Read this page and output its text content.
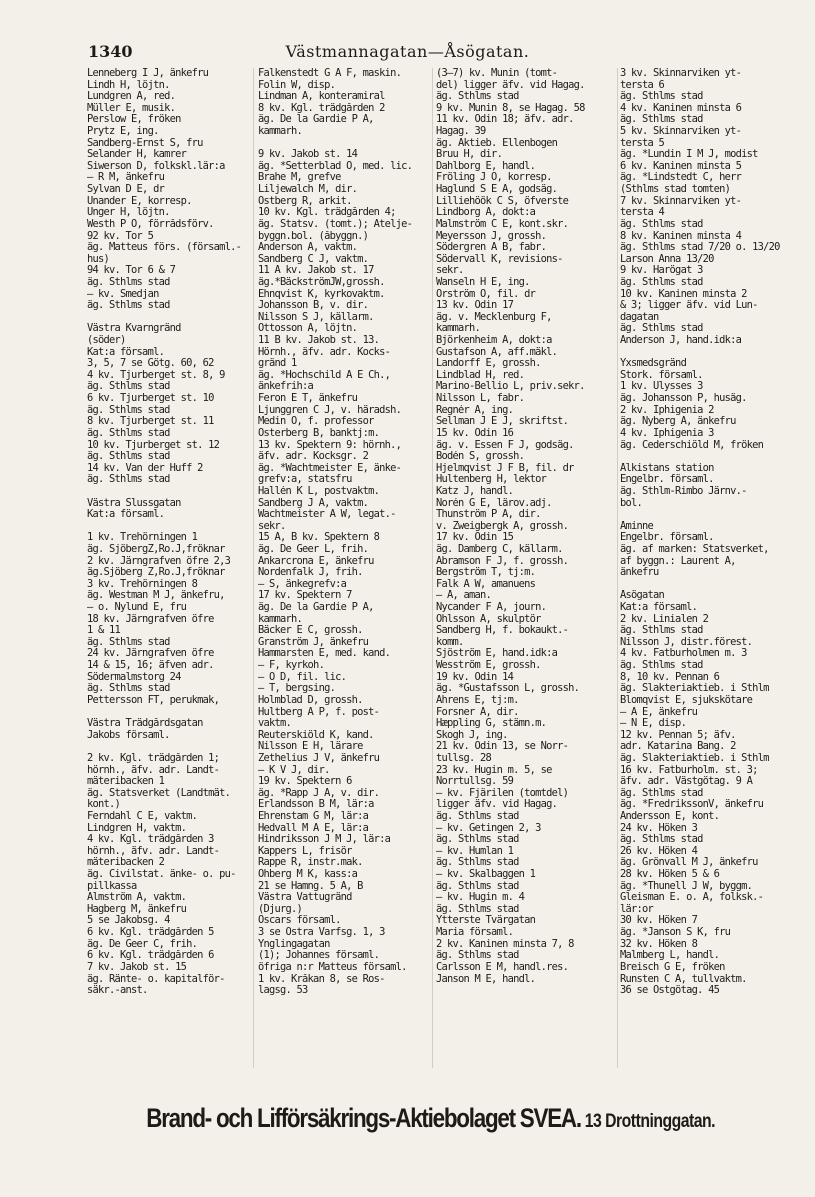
1340	Västmannagatan—Åsögatan.
Lenneberg I J, änkefru
Lindh H, löjtn.
Lundgren A, red.
Müller E, musik.
Perslow E, fröken
Prytz E, ing.
Sandberg-Ernst S, fru
Selander H, kamrer
Siwerson D, folkskl.lär:a
— R M, änkefru
Sylvan D E, dr
Unander E, korresp.
Unger H, löjtn.
Westh P O, förrådsförv.
92 kv. Tor 5
äg. Matteus förs. (församl.-
hus)
94 kv. Tor 6 & 7
äg. Sthlms stad
— kv. Smedjan
äg. Sthlms stad

Västra Kvarngränd
(söder)
Kat:a församl.
3, 5, 7 se Götg. 60, 62
4 kv. Tjurberget st. 8, 9
äg. Sthlms stad
6 kv. Tjurberget st. 10
äg. Sthlms stad
8 kv. Tjurberget st. 11
äg. Sthlms stad
10 kv. Tjurberget st. 12
äg. Sthlms stad
14 kv. Van der Huff 2
äg. Sthlms stad

Västra Slussgatan
Kat:a församl.

1 kv. Trehörningen 1
äg. SjöbergZ,Ro.J,fröknar
2 kv. Järngrafven öfre 2,3
äg.Sjöberg Z,Ro.J,fröknar
3 kv. Trehörningen 8
äg. Westman M J, änkefru,
— o. Nylund E, fru
18 kv. Järngrafven öfre
1 & 11
äg. Sthlms stad
24 kv. Järngrafven öfre
14 & 15, 16; äfven adr.
Södermalmstorg 24
äg. Sthlms stad
Pettersson FT, perukmak,

Västra Trädgårdsgatan
Jakobs församl.

2 kv. Kgl. trädgården 1;
hörnh., äfv. adr. Landt-
mäteribacken 1
äg. Statsverket (Landtmät.
kont.)
Ferndahl C E, vaktm.
Lindgren H, vaktm.
4 kv. Kgl. trädgården 3
hörnh., äfv. adr. Landt-
mäteribacken 2
äg. Civilstat. änke- o. pu-
pillkassa
Almström A, vaktm.
Hagberg M, änkefru
5 se Jakobsg. 4
6 kv. Kgl. trädgården 5
äg. De Geer C, frih.
6 kv. Kgl. trädgården 6
7 kv. Jakob st. 15
äg. Ränte- o. kapitalför-
säkr.-anst.
Falkenstedt G A F, maskin.
Folin W, disp.
Lindman A, konteramiral
8 kv. Kgl. trädgården 2
äg. De la Gardie P A,
kammarh.

9 kv. Jakob st. 14
äg. *Setterblad O, med. lic.
Brahe M, grefve
Liljewalch M, dir.
Östberg R, arkit.
10 kv. Kgl. trädgården 4;
äg. Statsv. (tomt.); Atelje-
byggn.bol. (åbyggn.)
Anderson A, vaktm.
Sandberg C J, vaktm.
11 A kv. Jakob st. 17
äg.*BäckströmJW,grossh.
Ehnqvist K, kyrkovaktm.
Johansson B, v. dir.
Nilsson S J, källarm.
Ottosson A, löjtn.
11 B kv. Jakob st. 13.
Hörnh., äfv. adr. Kocks-
gränd 1
äg. *Hochschild A E Ch.,
änkefrih:a
Feron E T, änkefru
Ljunggren C J, v. häradsh.
Medin O, f. professor
Österberg B, banktj:m.
13 kv. Spektern 9: hörnh.,
äfv. adr. Kocksgr. 2
äg. *Wachtmeister E, änke-
grefv:a, statsfru
Hallén K L, postvaktm.
Sandberg J A, vaktm.
Wachtmeister A W, legat.-
sekr.
15 A, B kv. Spektern 8
äg. De Geer L, frih.
Ankarcrona E, änkefru
Nordenfalk J, frih.
— S, änkegrefv:a
17 kv. Spektern 7
äg. De la Gardie P A,
kammarh.
Bäcker E C, grossh.
Granström J, änkefru
Hammarsten E, med. kand.
— F, kyrkoh.
— O D, fil. lic.
— T, bergsing.
Holmblad D, grossh.
Hultberg A P, f. post-
vaktm.
Reuterskiöld K, kand.
Nilsson E H, lärare
Zethelius J V, änkefru
— K V J, dir.
19 kv. Spektern 6
äg. *Rapp J A, v. dir.
Erlandsson B M, lär:a
Ehrenstam G M, lär:a
Hedvall M A E, lär:a
Hindriksson J M J, lär:a
Kappers L, frisör
Rappe R, instr.mak.
Öhberg M K, kass:a
21 se Hamng. 5 A, B
Västra Vattugränd
(Djurg.)
Oscars församl.
3 se Östra Varfsg. 1, 3
Ynglingagatan
(1); Johannes församl.
öfriga n:r Matteus församl.
1 kv. Kråkan 8, se Ros-
lagsg. 53
(3—7) kv. Munin (tomt-
del) ligger äfv. vid Hagag.
äg. Sthlms stad
9 kv. Munin 8, se Hagag. 58
11 kv. Odin 18; äfv. adr.
Hagag. 39
äg. Aktieb. Ellenbogen
Bruu H, dir.
Dahlborg E, handl.
Fröling J O, korresp.
Haglund S E A, godsäg.
Lilliehöök C S, öfverste
Lindborg A, dokt:a
Malmström C E, kont.skr.
Meyersson J, grossh.
Södergren A B, fabr.
Södervall K, revisions-
sekr.
Wanseln H E, ing.
Örström O, fil. dr
13 kv. Odin 17
äg. v. Mecklenburg F,
kammarh.
Björkenheim A, dokt:a
Gustafson A, aff.mäkl.
Landorff E, grossh.
Lindblad H, red.
Marino-Bellio L, priv.sekr.
Nilsson L, fabr.
Regnér A, ing.
Sellman J E J, skriftst.
15 kv. Odin 16
äg. v. Essen F J, godsäg.
Bodén S, grossh.
Hjelmqvist J F B, fil. dr
Hultenberg H, lektor
Katz J, handl.
Norén G E, lärov.adj.
Thunström P A, dir.
v. Zweigbergk A, grossh.
17 kv. Odin 15
äg. Damberg C, källarm.
Abramson F J, f. grossh.
Bergström T, tj:m.
Falk A W, amanuens
— Å, aman.
Nycander F A, journ.
Ohlsson A, skulptör
Sandberg H, f. bokaukt.-
komm.
Sjöström E, hand.idk:a
Wesström E, grossh.
19 kv. Odin 14
äg. *Gustafsson L, grossh.
Ahrens E, tj:m.
Forsner A, dir.
Hæppling G, stämn.m.
Skogh J, ing.
21 kv. Odin 13, se Norr-
tullsg. 28
23 kv. Hugin m. 5, se
Norrtullsg. 59
— kv. Fjärilen (tomtdel)
ligger äfv. vid Hagag.
äg. Sthlms stad
— kv. Getingen 2, 3
äg. Sthlms stad
— kv. Humlan 1
äg. Sthlms stad
— kv. Skalbaggen 1
äg. Sthlms stad
— kv. Hugin m. 4
äg. Sthlms stad
Ytterste Tvärgatan
Maria församl.
2 kv. Kaninen minsta 7, 8
äg. Sthlms stad
Carlsson E M, handl.res.
Janson M E, handl.
3 kv. Skinnarviken yt-
tersta 6
äg. Sthlms stad
4 kv. Kaninen minsta 6
äg. Sthlms stad
5 kv. Skinnarviken yt-
tersta 5
äg. *Lundin I M J, modist
6 kv. Kaninen minsta 5
äg. *Lindstedt C, herr
(Sthlms stad tomten)
7 kv. Skinnarviken yt-
tersta 4
äg. Sthlms stad
8 kv. Kaninen minsta 4
äg. Sthlms stad 7/20 o. 13/20
Larson Anna 13/20
9 kv. Harögat 3
äg. Sthlms stad
10 kv. Kaninen minsta 2
& 3; ligger äfv. vid Lun-
dagatan
äg. Sthlms stad
Anderson J, hand.idk:a

Yxsmedsgränd
Stork. församl.
1 kv. Ulysses 3
äg. Johansson P, husäg.
2 kv. Iphigenia 2
äg. Nyberg A, änkefru
4 kv. Iphigenia 3
äg. Cederschiöld M, fröken

Ålkistans station
Engelbr. församl.
äg. Sthlm-Rimbo Järnv.-
bol.

Åminne
Engelbr. församl.
äg. af marken: Statsverket,
af byggn.: Laurent A,
änkefru

Åsögatan
Kat:a församl.
2 kv. Linialen 2
äg. Sthlms stad
Nilsson J, distr.förest.
4 kv. Fatburholmen m. 3
äg. Sthlms stad
8, 10 kv. Pennan 6
äg. Slakteriaktieb. i Sthlm
Blomqvist E, sjukskötare
— A E, änkefru
— N E, disp.
12 kv. Pennan 5; äfv.
adr. Katarina Bang. 2
äg. Slakteriaktieb. i Sthlm
16 kv. Fatburholm. st. 3;
äfv. adr. Västgötag. 9 A
äg. Sthlms stad
äg. *FredrikssonV, änkefru
Andersson E, kont.
24 kv. Höken 3
äg. Sthlms stad
26 kv. Höken 4
äg. Grönvall M J, änkefru
28 kv. Höken 5 & 6
äg. *Thunell J W, byggm.
Gleisman E. o. A, folksk.-
lär:or
30 kv. Höken 7
äg. *Janson S K, fru
32 kv. Höken 8
Malmberg L, handl.
Breisch G E, fröken
Runsten C A, tullvaktm.
36 se Östgötag. 45
Brand- och Lifförsäkrings-Aktiebolaget SVEA. 13 Drottninggatan.
